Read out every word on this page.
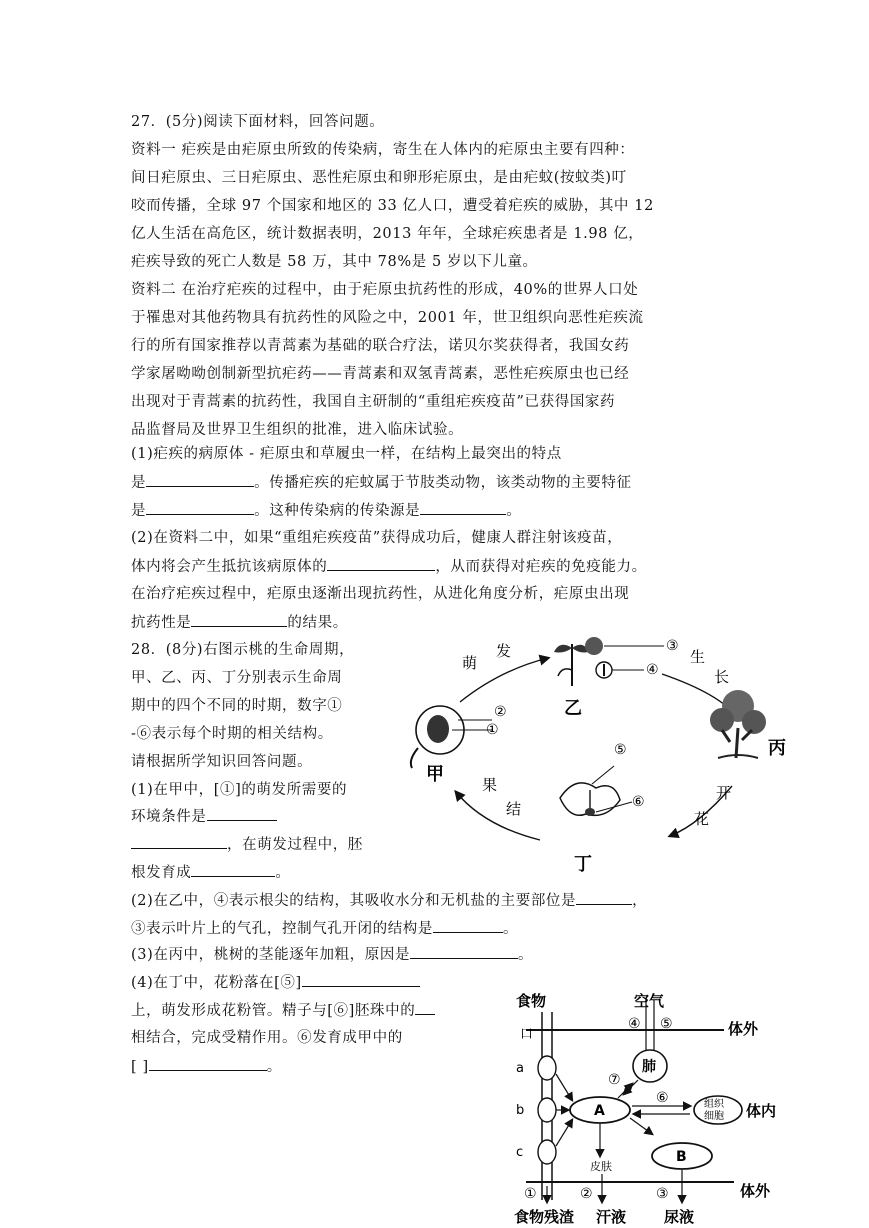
27．(5分)阅读下面材料，回答问题。
资料一 疟疾是由疟原虫所致的传染病，寄生在人体内的疟原虫主要有四种：
间日疟原虫、三日疟原虫、恶性疟原虫和卵形疟原虫，是由疟蚊(按蚊类)叮
咬而传播，全球 97 个国家和地区的 33 亿人口，遭受着疟疾的威胁，其中 12
亿人生活在高危区，统计数据表明，2013 年年，全球疟疾患者是 1.98 亿，
疟疾导致的死亡人数是 58 万，其中 78%是 5 岁以下儿童。
资料二 在治疗疟疾的过程中，由于疟原虫抗药性的形成，40%的世界人口处
于罹患对其他药物具有抗药性的风险之中，2001 年，世卫组织向恶性疟疾流
行的所有国家推荐以青蒿素为基础的联合疗法，诺贝尔奖获得者，我国女药
学家屠呦呦创制新型抗疟药——青蒿素和双氢青蒿素，恶性疟疾原虫也已经
出现对于青蒿素的抗药性，我国自主研制的“重组疟疾疫苗”已获得国家药
品监督局及世界卫生组织的批准，进入临床试验。
(1)疟疾的病原体 - 疟原虫和草履虫一样，在结构上最突出的特点
是	。传播疟疾的疟蚊属于节肢类动物，该类动物的主要特征
是	。这种传染病的传染源是	。
(2)在资料二中，如果“重组疟疾疫苗”获得成功后，健康人群注射该疫苗，
体内将会产生抵抗该病原体的	，从而获得对疟疾的免疫能力。
在治疗疟疾过程中，疟原虫逐渐出现抗药性，从进化角度分析，疟原虫出现
抗药性是	的结果。
28．(8分)右图示桃的生命周期，
甲、乙、丙、丁分别表示生命周
期中的四个不同的时期，数字①
-⑥表示每个时期的相关结构。
请根据所学知识回答问题。
(1)在甲中，[①]的萌发所需要的
环境条件是
，在萌发过程中，胚
根发育成	。
(2)在乙中，④表示根尖的结构，其吸收水分和无机盐的主要部位是	，
③表示叶片上的气孔，控制气孔开闭的结构是	。
(3)在丙中，桃树的茎能逐年加粗，原因是	。
(4)在丁中，花粉落在[⑤]
上，萌发形成花粉管。精子与[⑥]胚珠中的
相结合，完成受精作用。⑥发育成甲中的
[ ]	。
萌
发	生
长
开
花
果
结
②
①
甲
③
④
乙
丙
⑤
⑥
丁
食物	空气
④ ⑤	体外
体外
口
a
b
c
A
肺
⑦
⑥	组织
细胞 体内
B
皮肤
①	②	③
食物残渣 汗液	尿液
